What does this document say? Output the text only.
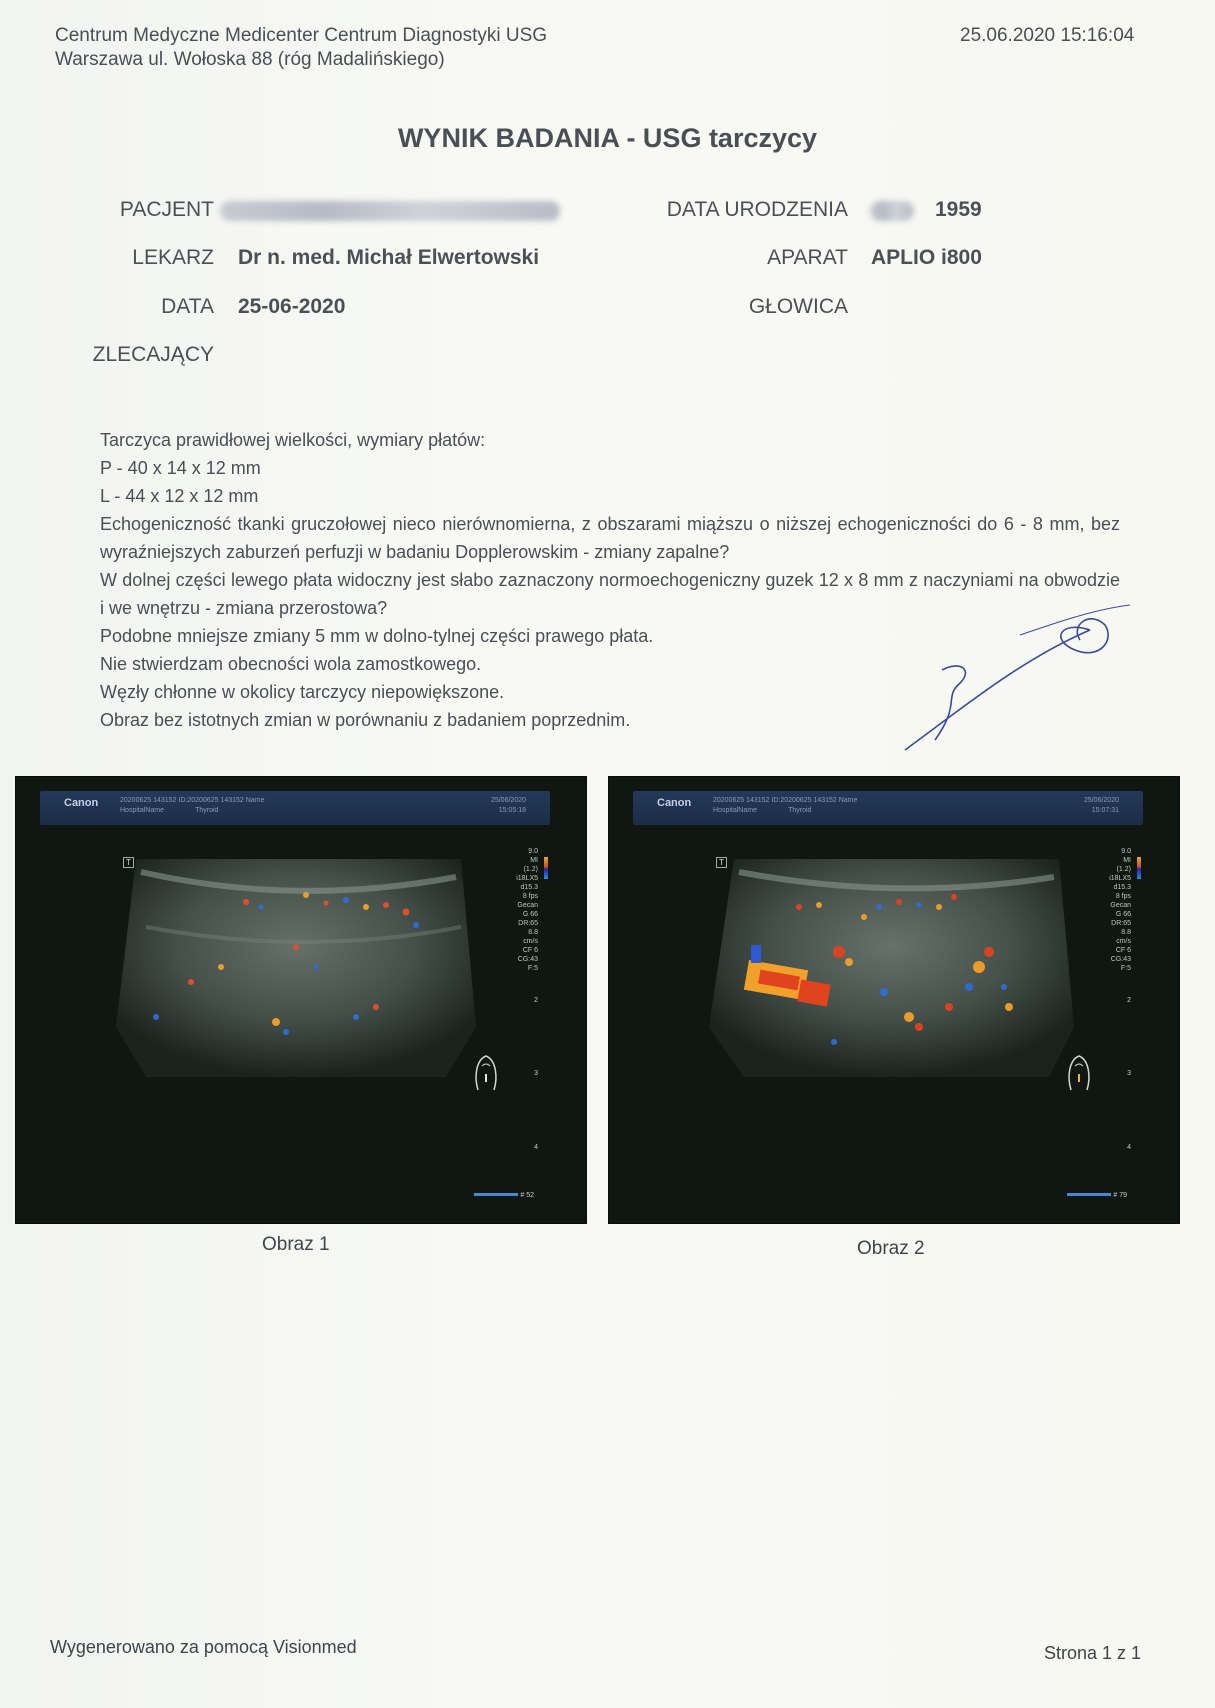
Centrum Medyczne Medicenter Centrum Diagnostyki USG
Warszawa ul. Wołoska 88 (róg Madalińskiego)
25.06.2020 15:16:04
WYNIK BADANIA - USG tarczycy
PACJENT	DATA URODZENIA	1959
LEKARZ Dr n. med. Michał Elwertowski	APARAT APLIO i800
DATA 25-06-2020	GŁOWICA
ZLECAJĄCY

Tarczyca prawidłowej wielkości, wymiary płatów:

P - 40 x 14 x 12 mm

L - 44 x 12 x 12 mm

Echogeniczność tkanki gruczołowej nieco nierównomierna, z obszarami miąższu o niższej echogeniczności do 6 - 8 mm, bez wyraźniejszych zaburzeń perfuzji w badaniu Dopplerowskim - zmiany zapalne?

W dolnej części lewego płata widoczny jest słabo zaznaczony normoechogeniczny guzek 12 x 8 mm z naczyniami na obwodzie i we wnętrzu - zmiana przerostowa?

Podobne mniejsze zmiany 5 mm w dolno-tylnej części prawego płata.

Nie stwierdzam obecności wola zamostkowego.

Węzły chłonne w okolicy tarczycy niepowiększone.

Obraz bez istotnych zmian w porównaniu z badaniem poprzednim.

Canon	20200625 143152 ID:20200625 143152 Name
HospitalName	Thyroid
25/06/2020
15:05:18
T
9.0
MI
(1.2)
i18LX5
d15.3
8 fps
Gecan
G 66
DR:65
8.8
cm/s
CF 6
CG:43
F:5
2
3
4
# 52
Obraz 1
Canon	20200625 143152 ID:20200625 143152 Name
HospitalName	Thyroid
25/06/2020
15:07:31
T
9.0
MI
(1.2)
i18LX5
d15.3
8 fps
Gecan
G 66
DR:65
8.8
cm/s
CF 6
CG:43
F:5
2
3
4
# 79
Obraz 2
Wygenerowano za pomocą Visionmed	Strona 1 z 1
